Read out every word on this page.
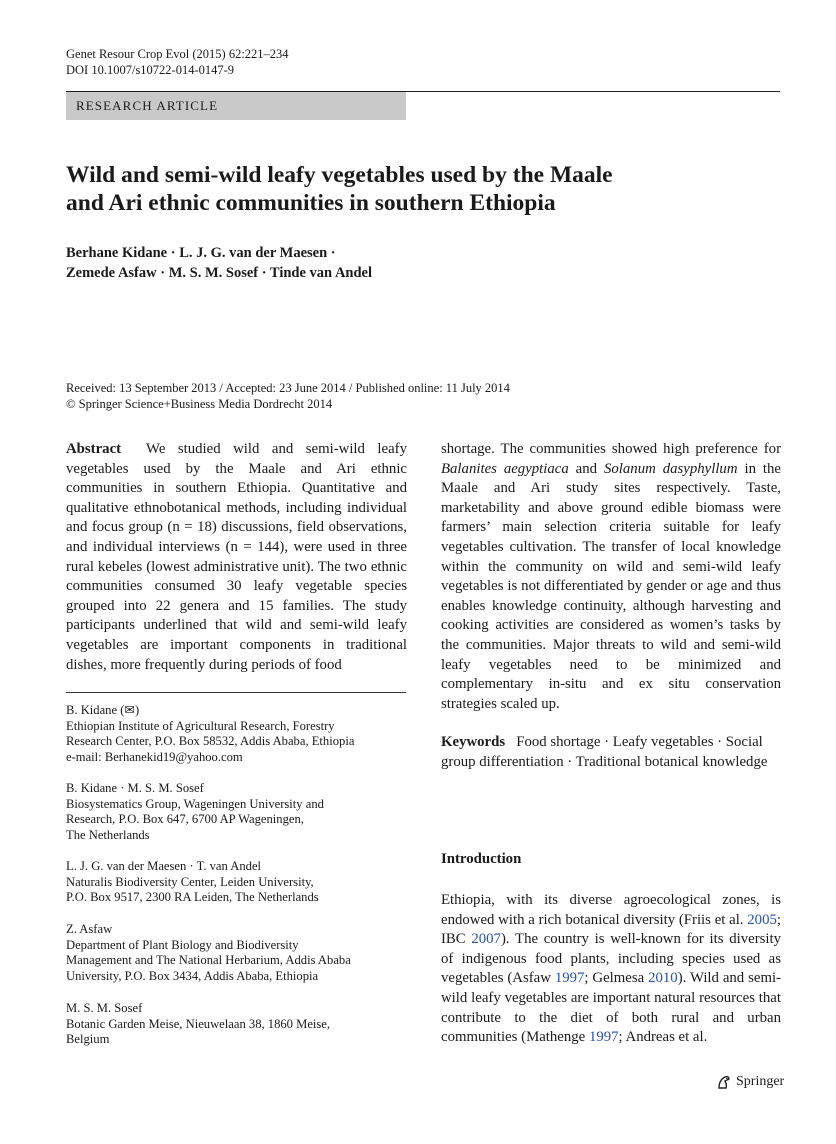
Genet Resour Crop Evol (2015) 62:221–234
DOI 10.1007/s10722-014-0147-9
RESEARCH ARTICLE
Wild and semi-wild leafy vegetables used by the Maale
and Ari ethnic communities in southern Ethiopia
Berhane Kidane · L. J. G. van der Maesen ·
Zemede Asfaw · M. S. M. Sosef · Tinde van Andel
Received: 13 September 2013 / Accepted: 23 June 2014 / Published online: 11 July 2014
© Springer Science+Business Media Dordrecht 2014
Abstract We studied wild and semi-wild leafy vegetables used by the Maale and Ari ethnic communities in southern Ethiopia. Quantitative and qualitative ethnobotanical methods, including individual and focus group (n = 18) discussions, field observations, and individual interviews (n = 144), were used in three rural kebeles (lowest administrative unit). The two ethnic communities consumed 30 leafy vegetable species grouped into 22 genera and 15 families. The study participants underlined that wild and semi-wild leafy vegetables are important components in traditional dishes, more frequently during periods of food
B. Kidane (✉)
Ethiopian Institute of Agricultural Research, Forestry
Research Center, P.O. Box 58532, Addis Ababa, Ethiopia
e-mail: Berhanekid19@yahoo.com
B. Kidane · M. S. M. Sosef
Biosystematics Group, Wageningen University and
Research, P.O. Box 647, 6700 AP Wageningen,
The Netherlands
L. J. G. van der Maesen · T. van Andel
Naturalis Biodiversity Center, Leiden University,
P.O. Box 9517, 2300 RA Leiden, The Netherlands
Z. Asfaw
Department of Plant Biology and Biodiversity
Management and The National Herbarium, Addis Ababa
University, P.O. Box 3434, Addis Ababa, Ethiopia
M. S. M. Sosef
Botanic Garden Meise, Nieuwelaan 38, 1860 Meise,
Belgium
shortage. The communities showed high preference for Balanites aegyptiaca and Solanum dasyphyllum in the Maale and Ari study sites respectively. Taste, marketability and above ground edible biomass were farmers’ main selection criteria suitable for leafy vegetables cultivation. The transfer of local knowledge within the community on wild and semi-wild leafy vegetables is not differentiated by gender or age and thus enables knowledge continuity, although harvesting and cooking activities are considered as women’s tasks by the communities. Major threats to wild and semi-wild leafy vegetables need to be minimized and complementary in-situ and ex situ conservation strategies scaled up.
Keywords Food shortage · Leafy vegetables · Social group differentiation · Traditional botanical knowledge
Introduction
Ethiopia, with its diverse agroecological zones, is endowed with a rich botanical diversity (Friis et al. 2005; IBC 2007). The country is well-known for its diversity of indigenous food plants, including species used as vegetables (Asfaw 1997; Gelmesa 2010). Wild and semi-wild leafy vegetables are important natural resources that contribute to the diet of both rural and urban communities (Mathenge 1997; Andreas et al.
Springer
